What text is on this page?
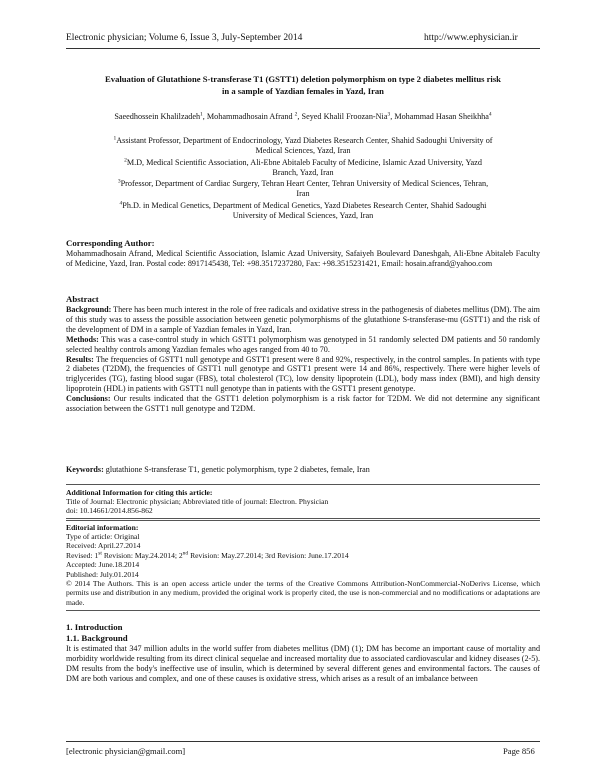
Electronic physician; Volume 6, Issue 3, July-September 2014	http://www.ephysician.ir
Evaluation of Glutathione S-transferase T1 (GSTT1) deletion polymorphism on type 2 diabetes mellitus risk
in a sample of Yazdian females in Yazd, Iran
Saeedhossein Khalilzadeh$^1$, Mohammadhosain Afrand $^2$, Seyed Khalil Froozan-Nia$^3$, Mohammad Hasan Sheikhha$^4$
$^1$Assistant Professor, Department of Endocrinology, Yazd Diabetes Research Center, Shahid Sadoughi University of
Medical Sciences, Yazd, Iran
$^2$M.D, Medical Scientific Association, Ali-Ebne Abitaleb Faculty of Medicine, Islamic Azad University, Yazd
Branch, Yazd, Iran
$^3$Professor, Department of Cardiac Surgery, Tehran Heart Center, Tehran University of Medical Sciences, Tehran,
Iran
$^4$Ph.D. in Medical Genetics, Department of Medical Genetics, Yazd Diabetes Research Center, Shahid Sadoughi
University of Medical Sciences, Yazd, Iran
Corresponding Author:

Mohammadhosain Afrand, Medical Scientific Association, Islamic Azad University, Safaiyeh Boulevard Daneshgah, Ali-Ebne Abitaleb Faculty of Medicine, Yazd, Iran. Postal code: 8917145438, Tel: +98.3517237280, Fax: +98.3515231421, Email: hosain.afrand@yahoo.com

Abstract

Background: There has been much interest in the role of free radicals and oxidative stress in the pathogenesis of diabetes mellitus (DM). The aim of this study was to assess the possible association between genetic polymorphisms of the glutathione S-transferase-mu (GSTT1) and the risk of the development of DM in a sample of Yazdian females in Yazd, Iran.

Methods: This was a case-control study in which GSTT1 polymorphism was genotyped in 51 randomly selected DM patients and 50 randomly selected healthy controls among Yazdian females who ages ranged from 40 to 70.

Results: The frequencies of GSTT1 null genotype and GSTT1 present were 8 and 92%, respectively, in the control samples. In patients with type 2 diabetes (T2DM), the frequencies of GSTT1 null genotype and GSTT1 present were 14 and 86%, respectively. There were higher levels of triglycerides (TG), fasting blood sugar (FBS), total cholesterol (TC), low density lipoprotein (LDL), body mass index (BMI), and high density lipoprotein (HDL) in patients with GSTT1 null genotype than in patients with the GSTT1 present genotype.

Conclusions: Our results indicated that the GSTT1 deletion polymorphism is a risk factor for T2DM. We did not determine any significant association between the GSTT1 null genotype and T2DM.

Keywords: glutathione S-transferase T1, genetic polymorphism, type 2 diabetes, female, Iran
Additional Information for citing this article:
Title of Journal: Electronic physician; Abbreviated title of journal: Electron. Physician
doi: 10.14661/2014.856-862
Editorial information:
Type of article: Original
Received: April.27.2014
Revised: 1st Revision: May.24.2014; 2nd Revision: May.27.2014; 3rd Revision: June.17.2014
Accepted: June.18.2014
Published: July.01.2014
© 2014 The Authors. This is an open access article under the terms of the Creative Commons Attribution-NonCommercial-NoDerivs License, which permits use and distribution in any medium, provided the original work is properly cited, the use is non-commercial and no modifications or adaptations are made.
1. Introduction
1.1. Background

It is estimated that 347 million adults in the world suffer from diabetes mellitus (DM) (1); DM has become an important cause of mortality and morbidity worldwide resulting from its direct clinical sequelae and increased mortality due to associated cardiovascular and kidney diseases (2-5). DM results from the body's ineffective use of insulin, which is determined by several different genes and environmental factors. The causes of DM are both various and complex, and one of these causes is oxidative stress, which arises as a result of an imbalance between

[electronic physician@gmail.com]	Page 856
